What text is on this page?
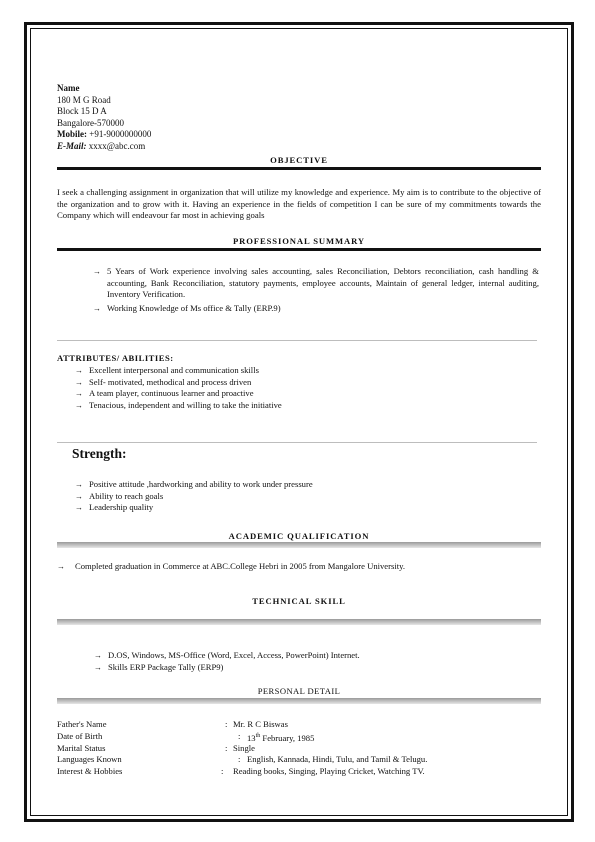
Name
180 M G Road
Block 15 D A
Bangalore-570000
Mobile: +91-9000000000
E-Mail: xxxx@abc.com
OBJECTIVE
I seek a challenging assignment in organization that will utilize my knowledge and experience. My aim is to contribute to the objective of the organization and to grow with it. Having an experience in the fields of competition I can be sure of my commitments towards the Company which will endeavour far most in achieving goals
PROFESSIONAL SUMMARY
→ 5 Years of Work experience involving sales accounting, sales Reconciliation, Debtors reconciliation, cash handling & accounting, Bank Reconciliation, statutory payments, employee accounts, Maintain of general ledger, internal auditing, Inventory Verification.
→ Working Knowledge of Ms office & Tally (ERP.9)
ATTRIBUTES/ ABILITIES:
→ Excellent interpersonal and communication skills
→ Self- motivated, methodical and process driven
→ A team player, continuous learner and proactive
→ Tenacious, independent and willing to take the initiative
Strength:
→ Positive attitude ,hardworking and ability to work under pressure
→ Ability to reach goals
→ Leadership quality
ACADEMIC QUALIFICATION
→ Completed graduation in Commerce at ABC.College Hebri in 2005 from Mangalore University.
TECHNICAL SKILL
→ D.OS, Windows, MS-Office (Word, Excel, Access, PowerPoint) Internet.
→ Skills ERP Package Tally (ERP9)
PERSONAL DETAIL
Father's Name	: Mr. R C Biswas
Date of Birth	: 13th February, 1985
Marital Status	: Single
Languages Known	: English, Kannada, Hindi, Tulu, and Tamil & Telugu.
Interest & Hobbies	: Reading books, Singing, Playing Cricket, Watching TV.
